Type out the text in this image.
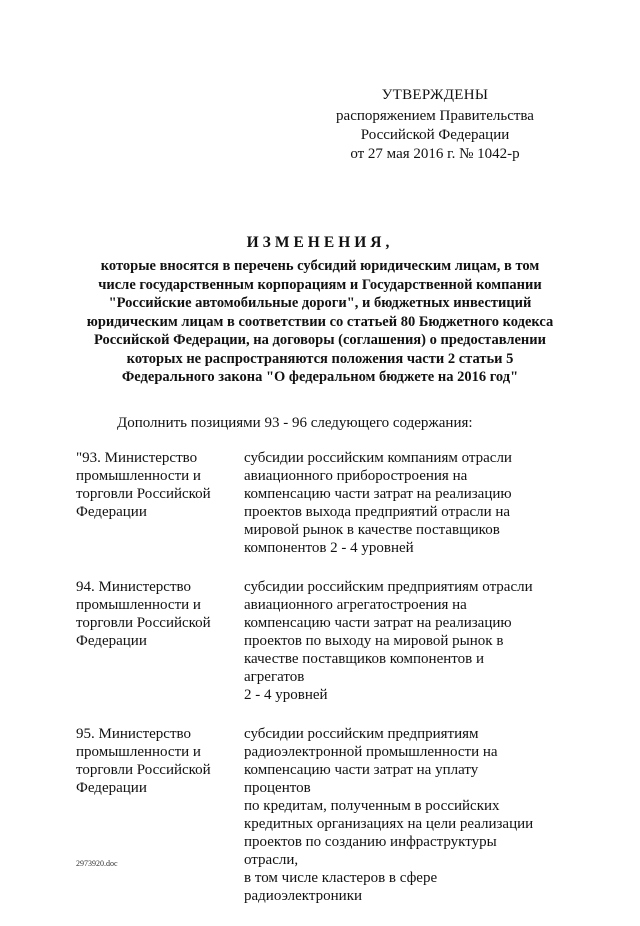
УТВЕРЖДЕНЫ
распоряжением Правительства
Российской Федерации
от 27 мая 2016 г. № 1042-р
ИЗМЕНЕНИЯ,
которые вносятся в перечень субсидий юридическим лицам, в том
числе государственным корпорациям и Государственной компании
"Российские автомобильные дороги", и бюджетных инвестиций
юридическим лицам в соответствии со статьей 80 Бюджетного кодекса
Российской Федерации, на договоры (соглашения) о предоставлении
которых не распространяются положения части 2 статьи 5
Федерального закона "О федеральном бюджете на 2016 год"
Дополнить позициями 93 - 96 следующего содержания:
"93. Министерство
промышленности и
торговли Российской
Федерации
субсидии российским компаниям отрасли
авиационного приборостроения на
компенсацию части затрат на реализацию
проектов выхода предприятий отрасли на
мировой рынок в качестве поставщиков
компонентов 2 - 4 уровней
94. Министерство
промышленности и
торговли Российской
Федерации
субсидии российским предприятиям отрасли
авиационного агрегатостроения на
компенсацию части затрат на реализацию
проектов по выходу на мировой рынок в
качестве поставщиков компонентов и агрегатов
2 - 4 уровней
95. Министерство
промышленности и
торговли Российской
Федерации
субсидии российским предприятиям
радиоэлектронной промышленности на
компенсацию части затрат на уплату процентов
по кредитам, полученным в российских
кредитных организациях на цели реализации
проектов по созданию инфраструктуры отрасли,
в том числе кластеров в сфере
радиоэлектроники
2973920.doc
